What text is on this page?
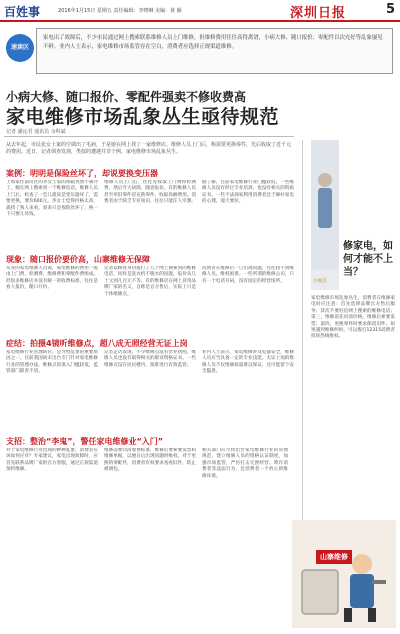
百姓事	2016年1月15日 星期五 责任编辑：李晓琳 美编：黄 颖	深圳日报	5
速读区
家电出了故障后，不少市民通过网上搜索联系维修人员上门维修，但维修费用往往高得离谱，小病大修、随口报价、零配件以次充好等乱象屡见不鲜。业内人士表示，家电维修市场监管存在空白，消费者应选择正规渠道维修。
小病大修、随口报价、零配件强卖不修收费高
家电维修市场乱象丛生亟待规范
记者 潘沁君 通讯员 余科斌
从去年起，市民张女士家的空调出了毛病，于是她在网上找了一家维修店。维修人员上门后，称需要更换零件，先后收取了近千元的费用。近日，记者调查发现，类似的遭遇并非个例，家电维修市场乱象丛生。
案例：明明是保险丝坏了，却说要换变压器
上周家住南山区的李女士家的冰箱突然不制冷了，她在网上搜索到一个维修电话。维修人员上门后，检查了一会儿就说是变压器坏了，需要更换，要价600元。李女士觉得价格太高，就找了熟人来看，原来只是保险丝坏了，换一下只要几块钱。
维修人员上门后，往往先收取上门费和检测费，然后夸大故障，随意报价。有的维修人员甚至用旧零件冒充新零件，收取高额费用。消费者由于缺乏专业知识，往往只能任人宰割。
据了解，目前家电维修行业门槛较低，一些维修人员没有经过专业培训，也没有相关的资质证书。一些不法商家利用消费者急于修好家电的心理，漫天要价。
现象：随口报价要价高，山寨维修无保障
从业的家电维修人员说，家电维修的费用一般由上门费、检测费、维修费和零配件费组成。但很多维修店并没有统一的收费标准，往往是看人报价，随口开价。
记者以顾客身份拨打了几个网上搜索到的维修电话，同样是洗衣机不脱水的问题，报价从几十元到几百元不等。有的维修店在网上冒用品牌厂家的名义，自称是官方售后，实际上只是个体维修点。
消费者在维修后一旦出现问题，往往找不到维修人员，维权困难。一些所谓的维修公司，只有一个电话号码，没有固定的经营场所。
症结：拍摄4镜听维修点，超八成无照经营无证上岗
家电维修行业管理缺位，是导致乱象的重要原因之一。目前我国尚未出台专门针对家电维修行业的管理办法，维修点的准入门槛较低，监管部门职责不清。
记者走访发现，不少维修点没有营业执照，维修人员也没有取得相关的职业资格证书。一些维修点设在居民楼内，很难进行有效监管。
业内人士表示，家电维修涉及电器安全，维修人员应当具备一定的专业技能。无证上岗的维修人员不仅维修质量难以保证，还可能留下安全隐患。
支招：整治“李鬼”，警任家电维修业“入门”
对于家电维修行业出现的种种乱象，消费者应该如何应对？专家建议，家电出现故障时，应首先联系品牌厂家的官方客服，通过正规渠道预约维修。
维修前要问清收费标准，维修后要索要发票和维修单据，以便日后出现问题时维权。对于更换的零配件，消费者有权要求查看旧件，防止被调包。
相关部门应尽快出台家电维修行业的管理规范，建立维修人员的资格认证制度，加强市场监管，严厉打击无照经营、欺诈消费者等违法行为，还消费者一个放心的维修环境。
小视点
修家电，如何才能不上当？
家电维修市场乱象丛生，消费者在维修家电时应注意：首先选择品牌官方售后服务；其次不要轻信网上搜索的维修电话；第三，维修前先问清价格，维修后索要发票；第四，更换零件时要求保留旧件。如果遇到维修纠纷，可以拨打12315消费者投诉热线维权。
山寨维修
